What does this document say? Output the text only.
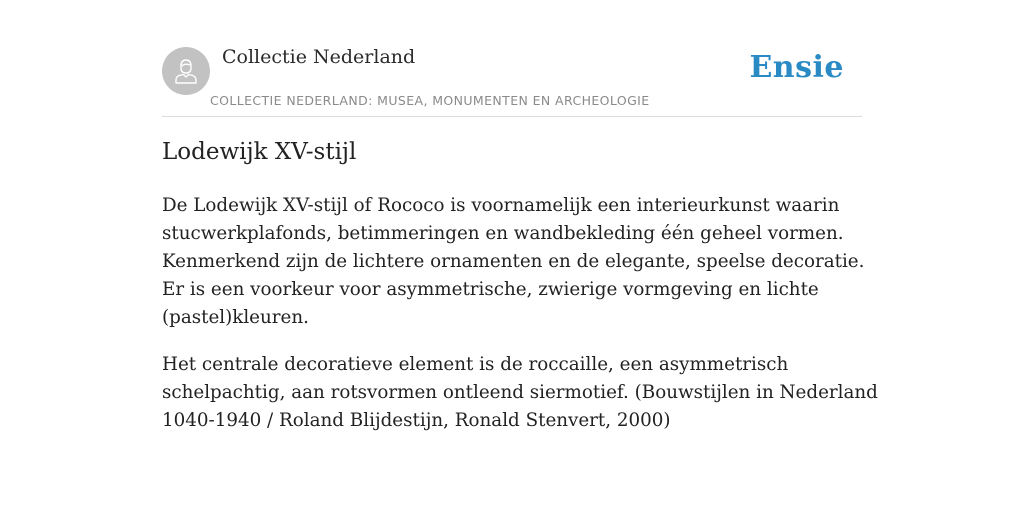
Collectie Nederland
COLLECTIE NEDERLAND: MUSEA, MONUMENTEN EN ARCHEOLOGIE
Ensie
Lodewijk XV-stijl

De Lodewijk XV-stijl of Rococo is voornamelijk een interieurkunst waarin stucwerkplafonds, betimmeringen en wandbekleding één geheel vormen. Kenmerkend zijn de lichtere ornamenten en de elegante, speelse decoratie. Er is een voorkeur voor asymmetrische, zwierige vormgeving en lichte (pastel)kleuren.

Het centrale decoratieve element is de roccaille, een asymmetrisch schelpachtig, aan rotsvormen ontleend siermotief. (Bouwstijlen in Nederland 1040-1940 / Roland Blijdestijn, Ronald Stenvert, 2000)
